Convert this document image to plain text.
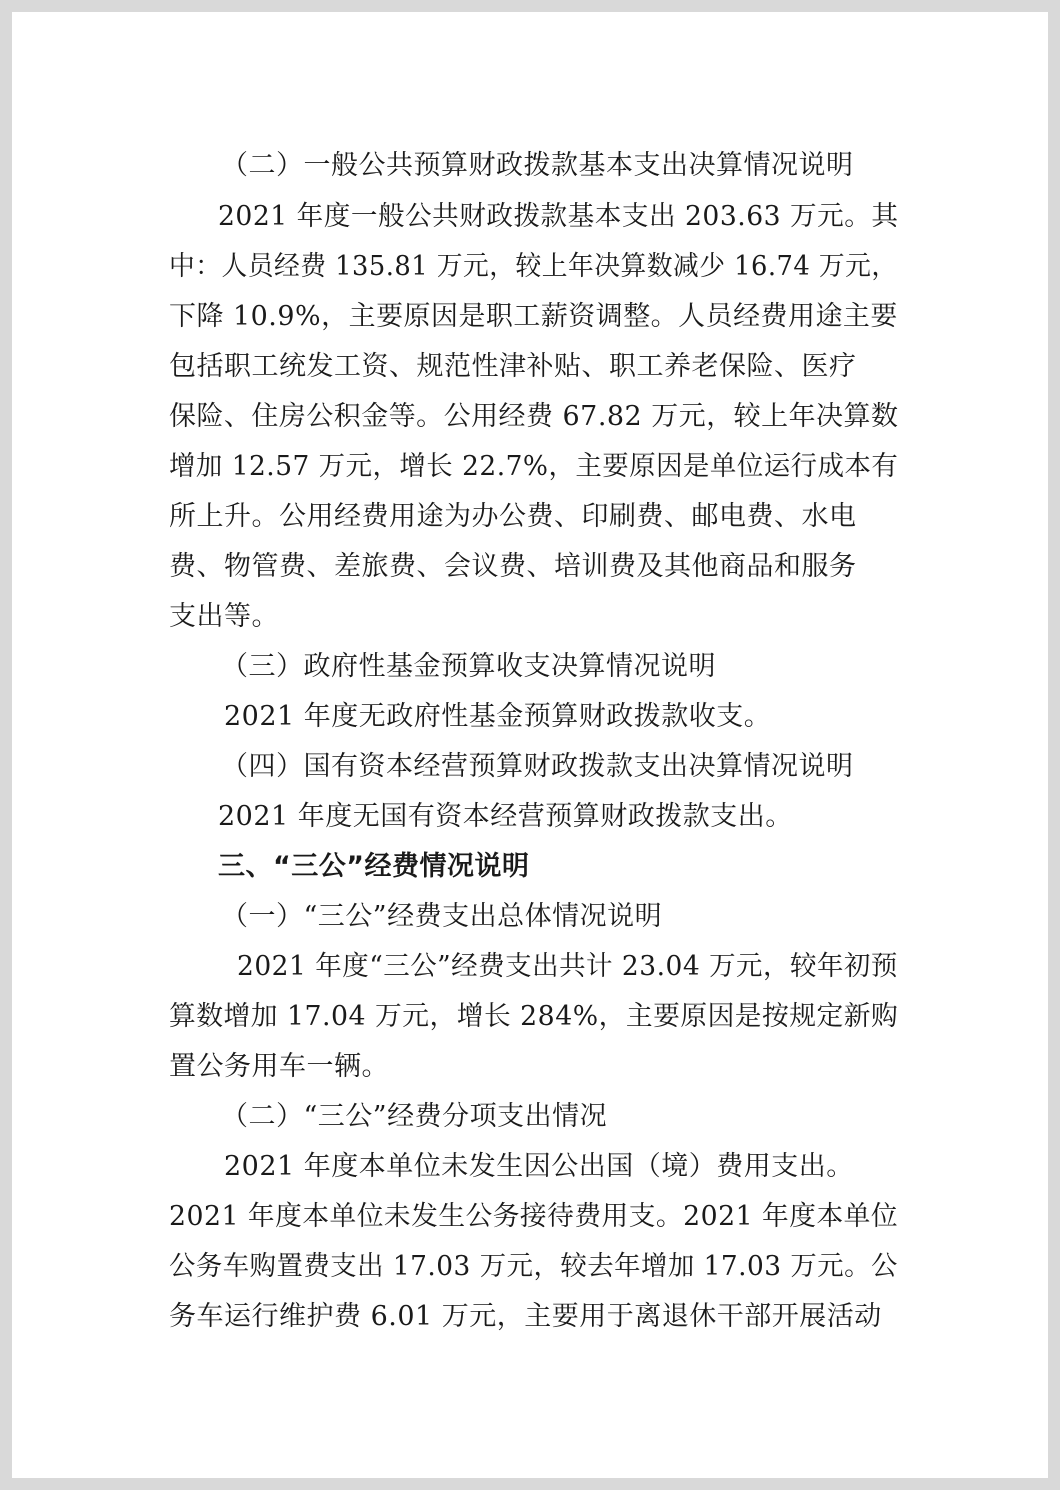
（二）一般公共预算财政拨款基本支出决算情况说明
2021 年度一般公共财政拨款基本支出 203.63 万元。其
中：人员经费 135.81 万元，较上年决算数减少 16.74 万元，
下降 10.9%，主要原因是职工薪资调整。人员经费用途主要
包括职工统发工资、规范性津补贴、职工养老保险、医疗
保险、住房公积金等。公用经费 67.82 万元，较上年决算数
增加 12.57 万元，增长 22.7%，主要原因是单位运行成本有
所上升。公用经费用途为办公费、印刷费、邮电费、水电
费、物管费、差旅费、会议费、培训费及其他商品和服务
支出等。
（三）政府性基金预算收支决算情况说明
2021 年度无政府性基金预算财政拨款收支。
（四）国有资本经营预算财政拨款支出决算情况说明
2021 年度无国有资本经营预算财政拨款支出。
三、“三公”经费情况说明
（一）“三公”经费支出总体情况说明
2021 年度“三公”经费支出共计 23.04 万元，较年初预
算数增加 17.04 万元，增长 284%，主要原因是按规定新购
置公务用车一辆。
（二）“三公”经费分项支出情况
2021 年度本单位未发生因公出国（境）费用支出。
2021 年度本单位未发生公务接待费用支。2021 年度本单位
公务车购置费支出 17.03 万元，较去年增加 17.03 万元。公
务车运行维护费 6.01 万元，主要用于离退休干部开展活动
